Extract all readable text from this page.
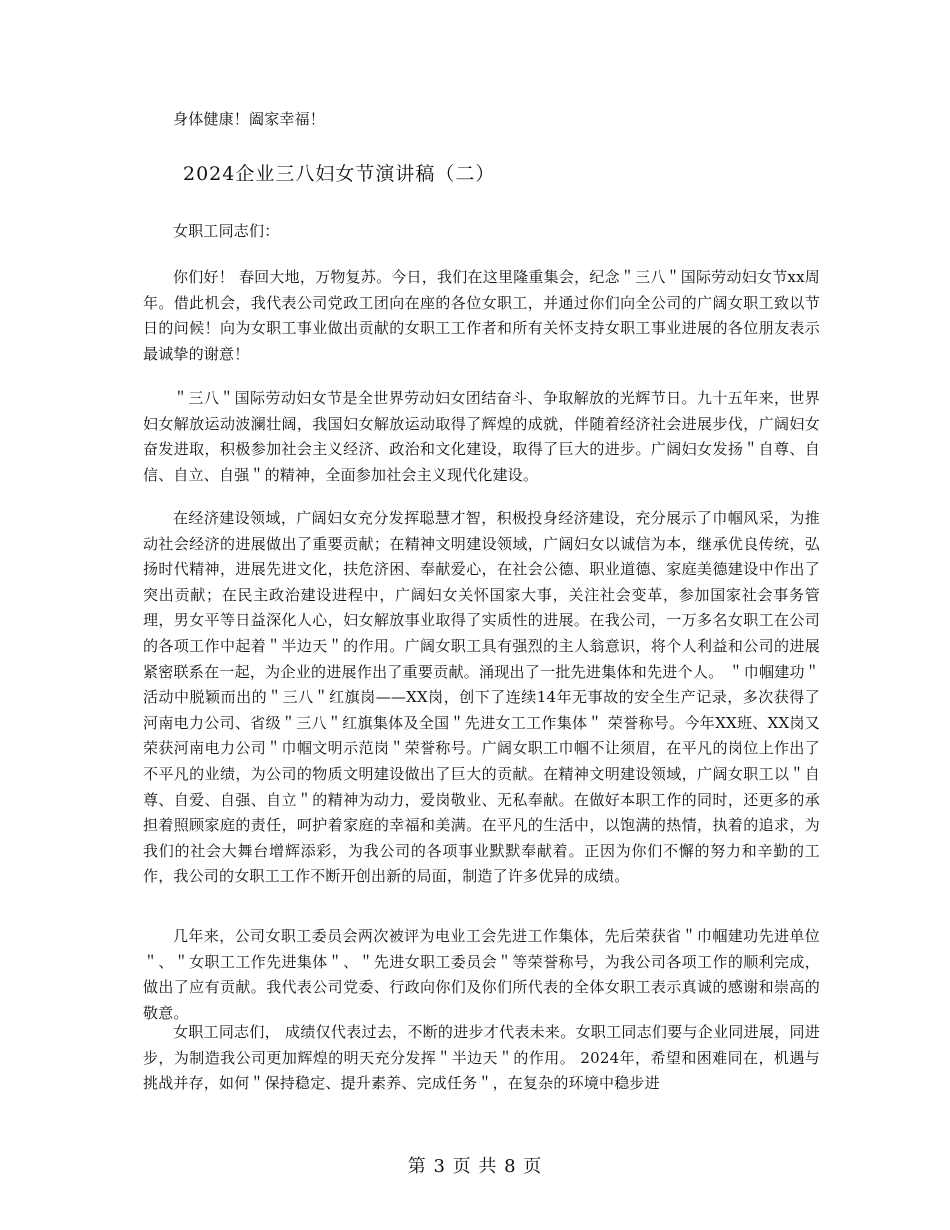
身体健康！阖家幸福！

2024企业三八妇女节演讲稿（二）

女职工同志们：

你们好！ 春回大地，万物复苏。今日，我们在这里隆重集会，纪念＂三八＂国际劳动妇女节xx周年。借此机会，我代表公司党政工团向在座的各位女职工，并通过你们向全公司的广阔女职工致以节日的问候！向为女职工事业做出贡献的女职工工作者和所有关怀支持女职工事业进展的各位朋友表示最诚挚的谢意！

＂三八＂国际劳动妇女节是全世界劳动妇女团结奋斗、争取解放的光辉节日。九十五年来，世界妇女解放运动波澜壮阔，我国妇女解放运动取得了辉煌的成就，伴随着经济社会进展步伐，广阔妇女奋发进取，积极参加社会主义经济、政治和文化建设，取得了巨大的进步。广阔妇女发扬＂自尊、自信、自立、自强＂的精神，全面参加社会主义现代化建设。

在经济建设领域，广阔妇女充分发挥聪慧才智，积极投身经济建设，充分展示了巾帼风采，为推动社会经济的进展做出了重要贡献；在精神文明建设领域，广阔妇女以诚信为本，继承优良传统，弘扬时代精神，进展先进文化，扶危济困、奉献爱心，在社会公德、职业道德、家庭美德建设中作出了突出贡献；在民主政治建设进程中，广阔妇女关怀国家大事，关注社会变革，参加国家社会事务管理，男女平等日益深化人心，妇女解放事业取得了实质性的进展。在我公司，一万多名女职工在公司的各项工作中起着＂半边天＂的作用。广阔女职工具有强烈的主人翁意识，将个人利益和公司的进展紧密联系在一起，为企业的进展作出了重要贡献。涌现出了一批先进集体和先进个人。 ＂巾帼建功＂活动中脱颖而出的＂三八＂红旗岗——XX岗，创下了连续14年无事故的安全生产记录，多次获得了河南电力公司、省级＂三八＂红旗集体及全国＂先进女工工作集体＂ 荣誉称号。今年XX班、XX岗又荣获河南电力公司＂巾帼文明示范岗＂荣誉称号。广阔女职工巾帼不让须眉，在平凡的岗位上作出了不平凡的业绩，为公司的物质文明建设做出了巨大的贡献。在精神文明建设领域，广阔女职工以＂自尊、自爱、自强、自立＂的精神为动力，爱岗敬业、无私奉献。在做好本职工作的同时，还更多的承担着照顾家庭的责任，呵护着家庭的幸福和美满。在平凡的生活中，以饱满的热情，执着的追求，为我们的社会大舞台增辉添彩，为我公司的各项事业默默奉献着。正因为你们不懈的努力和辛勤的工作，我公司的女职工工作不断开创出新的局面，制造了许多优异的成绩。

几年来，公司女职工委员会两次被评为电业工会先进工作集体，先后荣获省＂巾帼建功先进单位＂、＂女职工工作先进集体＂、＂先进女职工委员会＂等荣誉称号，为我公司各项工作的顺利完成，做出了应有贡献。我代表公司党委、行政向你们及你们所代表的全体女职工表示真诚的感谢和崇高的敬意。

女职工同志们， 成绩仅代表过去，不断的进步才代表未来。女职工同志们要与企业同进展，同进步，为制造我公司更加辉煌的明天充分发挥＂半边天＂的作用。 2024年，希望和困难同在，机遇与挑战并存，如何＂保持稳定、提升素养、完成任务＂，在复杂的环境中稳步进

第 3 页 共 8 页
